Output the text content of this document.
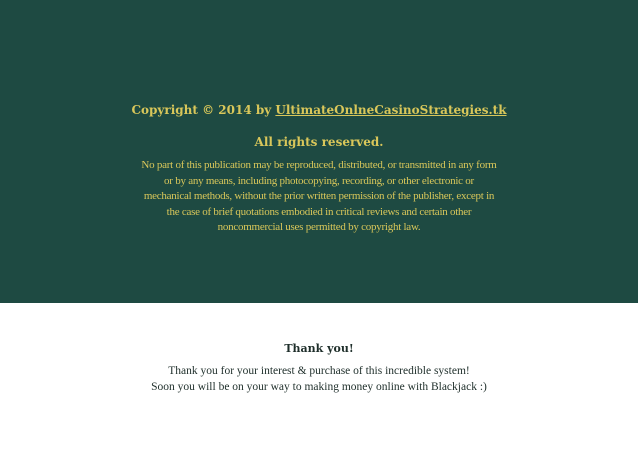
Copyright © 2014 by UltimateOnlneCasinoStrategies.tk
All rights reserved.
No part of this publication may be reproduced, distributed, or transmitted in any form or by any means, including photocopying, recording, or other electronic or mechanical methods, without the prior written permission of the publisher, except in the case of brief quotations embodied in critical reviews and certain other noncommercial uses permitted by copyright law.
Thank you!
Thank you for your interest & purchase of this incredible system!
Soon you will be on your way to making money online with Blackjack :)
